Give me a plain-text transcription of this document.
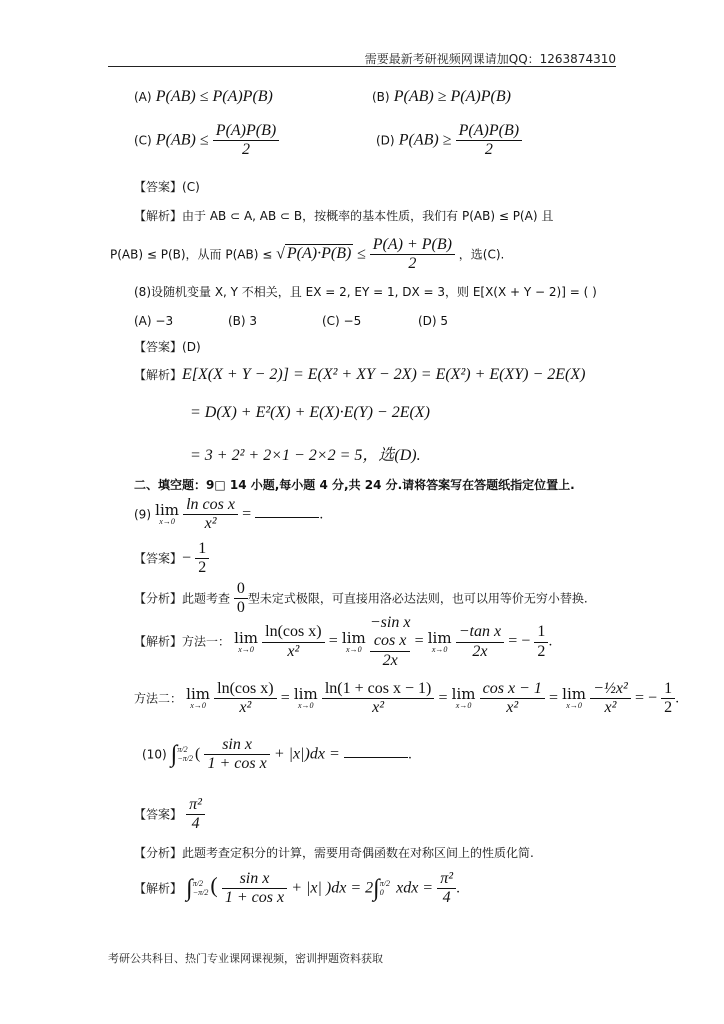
需要最新考研视频网课请加QQ：1263874310
(A) P(AB) ≤ P(A)P(B)	(B) P(AB) ≥ P(A)P(B)
(C) $P(AB) \le \frac{P(A)P(B)}{2}$	(D) $P(AB) \ge \frac{P(A)P(B)}{2}$
【答案】(C)
【解析】由于 AB ⊂ A, AB ⊂ B，按概率的基本性质，我们有 P(AB) ≤ P(A) 且
P(AB) ≤ P(B)，从而 P(AB) ≤ √ $P(A)\cdot P(B) \le \frac{P(A) + P(B)}{2}$ ，选(C).
(8)设随机变量 X, Y 不相关，且 EX = 2, EY = 1, DX = 3，则 E[X(X + Y − 2)] = ( )
(A) −3	(B) 3	(C) −5	(D) 5
【答案】(D)
【解析】E[X(X + Y − 2)] = E(X² + XY − 2X) = E(X²) + E(XY) − 2E(X)
= D(X) + E²(X) + E(X)·E(Y) − 2E(X)
= 3 + 2² + 2×1 − 2×2 = 5，选(D).
二、填空题：9□ 14 小题,每小题 4 分,共 24 分.请将答案写在答题纸指定位置上.
(9) lim
x→0
$\frac{\text{ln cos x}}{\text{x²}}$ =	.
【答案】− $\frac{1}{2}$
【分析】此题考查 $\frac{0}{0}$ 型未定式极限，可直接用洛必达法则，也可以用等价无穷小替换.
【解析】方法一： lim
x→0
$\frac{\text{ln(cos x)}}{\text{x²}} = \lim$
x→0

−sin x
cos x
2x
= lim
x→0
$\frac{\text{−tan x}}{2x}$ = − $\frac{1}{2}$ .
方法二： lim
x→0
$\frac{\text{ln(cos x)}}{\text{x²}} = \lim$
x→0
$\frac{\text{ln(1 + cos x − 1)}}{\text{x²}} = \lim$
x→0
$\frac{\text{cos x − 1}}{\text{x²}} = \lim$
x→0
$\frac{\text{−½x²}}{\text{x²}}$ = − $\frac{1}{2}$ .
(10) ∫ π/2
−π/2 ( $\frac{\text{sin x}}{\text{1 + cos x}} + |x|)dx$ =	.
【答案】 $\frac{\text{π²}}{4}$
【分析】此题考查定积分的计算，需要用奇偶函数在对称区间上的性质化简.
【解析】 ∫ π/2
−π/2 ( $\frac{\text{sin x}}{\text{1 + cos x}} + |x|$ )dx = 2∫ π/2
0 xdx = $\frac{\text{π²}}{4}$ .
考研公共科目、热门专业课网课视频，密训押题资料获取
